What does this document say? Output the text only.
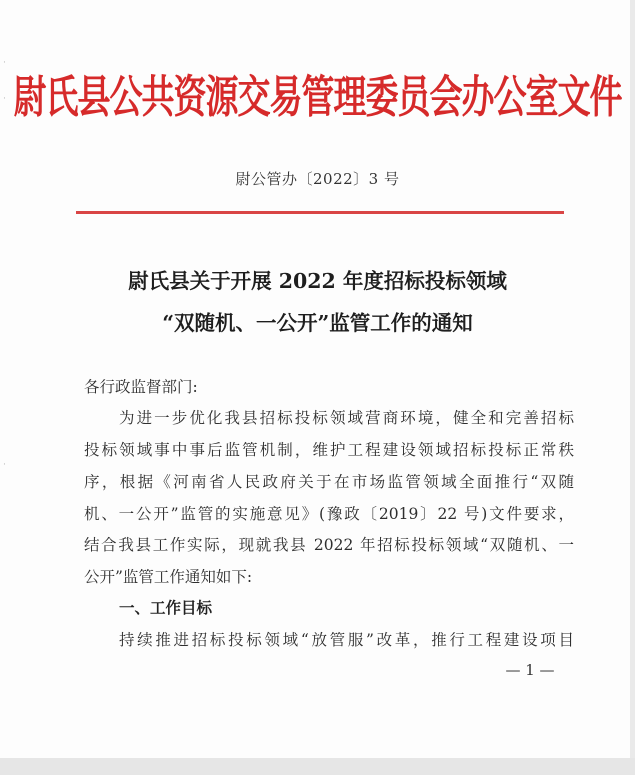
·
·
·
尉氏县公共资源交易管理委员会办公室文件
尉公管办〔2022〕3 号
尉氏县关于开展 2022 年度招标投标领域
“双随机、一公开”监管工作的通知
各行政监督部门:
为进一步优化我县招标投标领域营商环境，健全和完善招标
投标领域事中事后监管机制，维护工程建设领域招标投标正常秩
序，根据《河南省人民政府关于在市场监管领域全面推行“双随
机、一公开”监管的实施意见》(豫政〔2019〕22 号)文件要求，
结合我县工作实际，现就我县 2022 年招标投标领域“双随机、一
公开”监管工作通知如下:
一、工作目标
持续推进招标投标领域“放管服”改革，推行工程建设项目
— 1 —
